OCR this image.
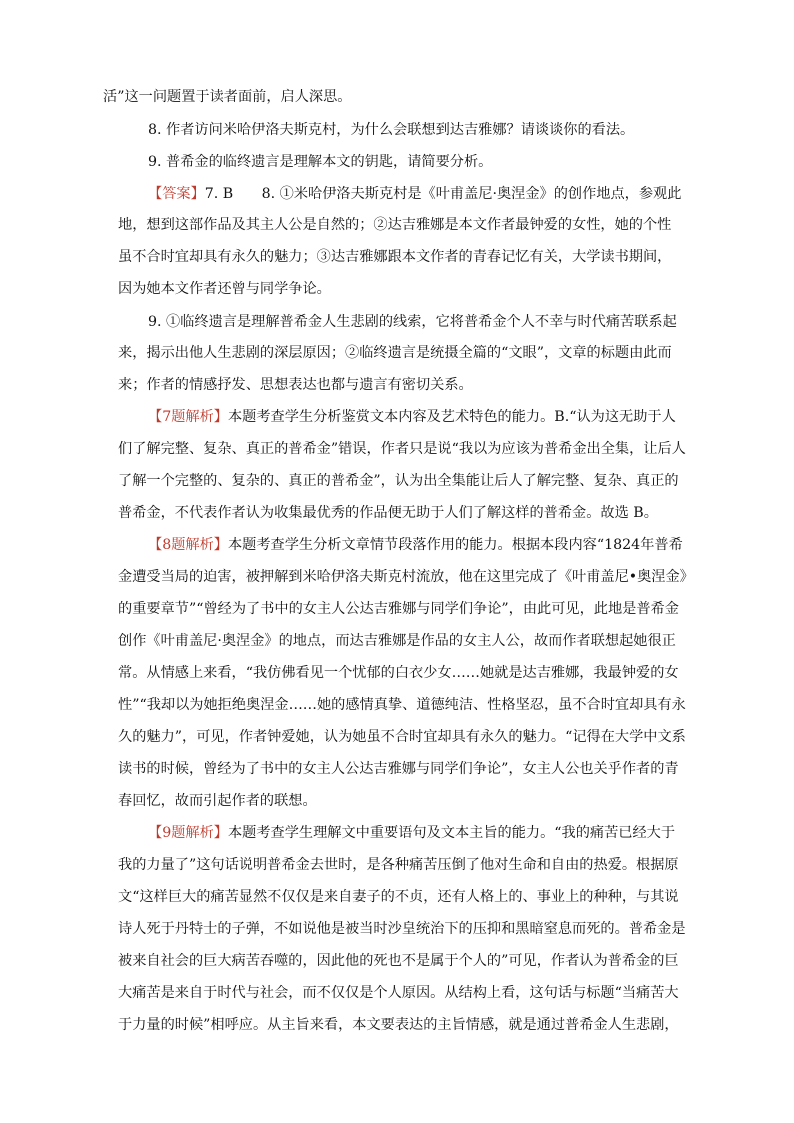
活”这一问题置于读者面前，启人深思。
8. 作者访问米哈伊洛夫斯克村，为什么会联想到达吉雅娜？请谈谈你的看法。
9. 普希金的临终遗言是理解本文的钥匙，请简要分析。
【答案】7. B　　8. ①米哈伊洛夫斯克村是《叶甫盖尼·奥涅金》的创作地点，参观此
地，想到这部作品及其主人公是自然的；②达吉雅娜是本文作者最钟爱的女性，她的个性
虽不合时宜却具有永久的魅力；③达吉雅娜跟本文作者的青春记忆有关，大学读书期间，
因为她本文作者还曾与同学争论。
9. ①临终遗言是理解普希金人生悲剧的线索，它将普希金个人不幸与时代痛苦联系起
来，揭示出他人生悲剧的深层原因；②临终遗言是统摄全篇的“文眼”，文章的标题由此而
来；作者的情感抒发、思想表达也都与遗言有密切关系。
【7题解析】本题考查学生分析鉴赏文本内容及艺术特色的能力。B.“认为这无助于人
们了解完整、复杂、真正的普希金”错误，作者只是说“我以为应该为普希金出全集，让后人
了解一个完整的、复杂的、真正的普希金”，认为出全集能让后人了解完整、复杂、真正的
普希金，不代表作者认为收集最优秀的作品便无助于人们了解这样的普希金。故选 B。
【8题解析】本题考查学生分析文章情节段落作用的能力。根据本段内容“1824年普希
金遭受当局的迫害，被押解到米哈伊洛夫斯克村流放，他在这里完成了《叶甫盖尼•奥涅金》
的重要章节”“曾经为了书中的女主人公达吉雅娜与同学们争论”，由此可见，此地是普希金
创作《叶甫盖尼·奥涅金》的地点，而达吉雅娜是作品的女主人公，故而作者联想起她很正
常。从情感上来看，“我仿佛看见一个忧郁的白衣少女……她就是达吉雅娜，我最钟爱的女
性”“我却以为她拒绝奥涅金……她的感情真挚、道德纯洁、性格坚忍，虽不合时宜却具有永
久的魅力”，可见，作者钟爱她，认为她虽不合时宜却具有永久的魅力。“记得在大学中文系
读书的时候，曾经为了书中的女主人公达吉雅娜与同学们争论”，女主人公也关乎作者的青
春回忆，故而引起作者的联想。
【9题解析】本题考查学生理解文中重要语句及文本主旨的能力。“我的痛苦已经大于
我的力量了”这句话说明普希金去世时，是各种痛苦压倒了他对生命和自由的热爱。根据原
文“这样巨大的痛苦显然不仅仅是来自妻子的不贞，还有人格上的、事业上的种种，与其说
诗人死于丹特士的子弹，不如说他是被当时沙皇统治下的压抑和黑暗窒息而死的。普希金是
被来自社会的巨大病苦吞噬的，因此他的死也不是属于个人的”可见，作者认为普希金的巨
大痛苦是来自于时代与社会，而不仅仅是个人原因。从结构上看，这句话与标题“当痛苦大
于力量的时候”相呼应。从主旨来看，本文要表达的主旨情感，就是通过普希金人生悲剧，
